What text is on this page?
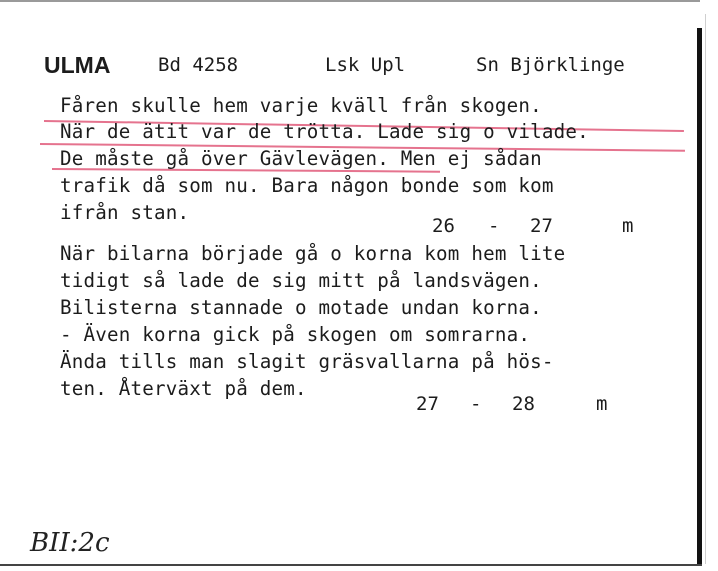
ULMA	Bd 4258	Lsk Upl	Sn Björklinge
Fåren skulle hem varje kväll från skogen.
När de ätit var de trötta. Lade sig o vilade.
De måste gå över Gävlevägen. Men ej sådan
trafik då som nu. Bara någon bonde som kom
ifrån stan.
26 - 27	m
När bilarna började gå o korna kom hem lite
tidigt så lade de sig mitt på landsvägen.
Bilisterna stannade o motade undan korna.
- Även korna gick på skogen om somrarna.
Ända tills man slagit gräsvallarna på hös-
ten. Återväxt på dem.
27 - 28	m
BII:2c
